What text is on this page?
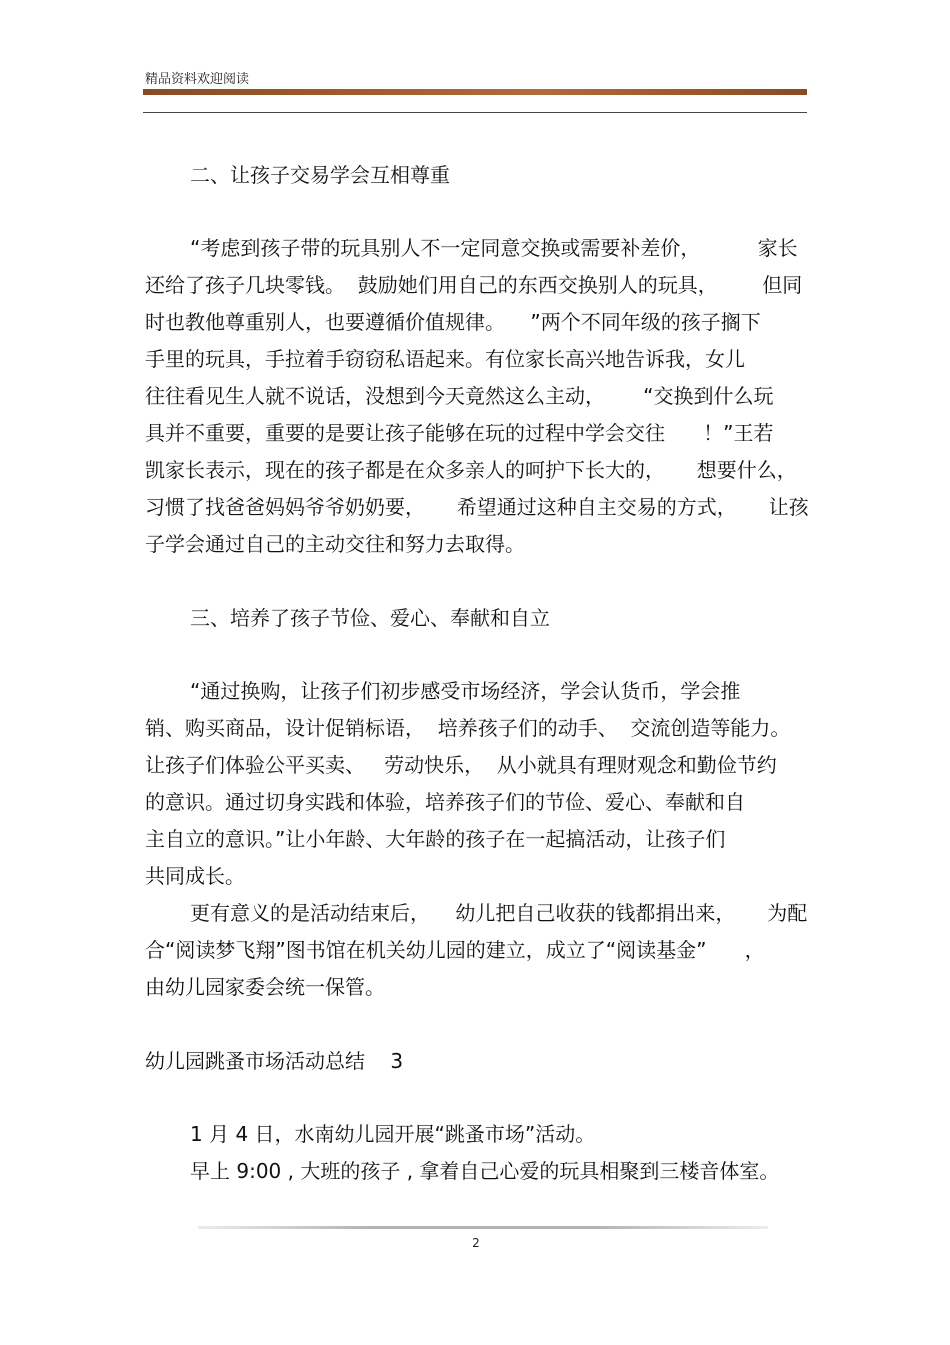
精品资料欢迎阅读
二、让孩子交易学会互相尊重
“考虑到孩子带的玩具别人不一定同意交换或需要补差价，         家长
还给了孩子几块零钱。  鼓励她们用自己的东西交换别人的玩具，       但同
时也教他尊重别人，也要遵循价值规律。    ”两个不同年级的孩子搁下
手里的玩具，手拉着手窃窃私语起来。有位家长高兴地告诉我，女儿
往往看见生人就不说话，没想到今天竟然这么主动，      “交换到什么玩
具并不重要，重要的是要让孩子能够在玩的过程中学会交往      ！”王若
凯家长表示，现在的孩子都是在众多亲人的呵护下长大的，     想要什么，
习惯了找爸爸妈妈爷爷奶奶要，     希望通过这种自主交易的方式，     让孩
子学会通过自己的主动交往和努力去取得。
三、培养了孩子节俭、爱心、奉献和自立
“通过换购，让孩子们初步感受市场经济，学会认货币，学会推
销、购买商品，设计促销标语，  培养孩子们的动手、  交流创造等能力。
让孩子们体验公平买卖、   劳动快乐，  从小就具有理财观念和勤俭节约
的意识。通过切身实践和体验，培养孩子们的节俭、爱心、奉献和自
主自立的意识。”让小年龄、大年龄的孩子在一起搞活动，让孩子们
共同成长。
更有意义的是活动结束后，    幼儿把自己收获的钱都捐出来，     为配
合“阅读梦飞翔”图书馆在机关幼儿园的建立，成立了“阅读基金”      ，
由幼儿园家委会统一保管。
幼儿园跳蚤市场活动总结    3
1 月 4 日，水南幼儿园开展“跳蚤市场”活动。
早上 9:00 , 大班的孩子 , 拿着自己心爱的玩具相聚到三楼音体室。
2
